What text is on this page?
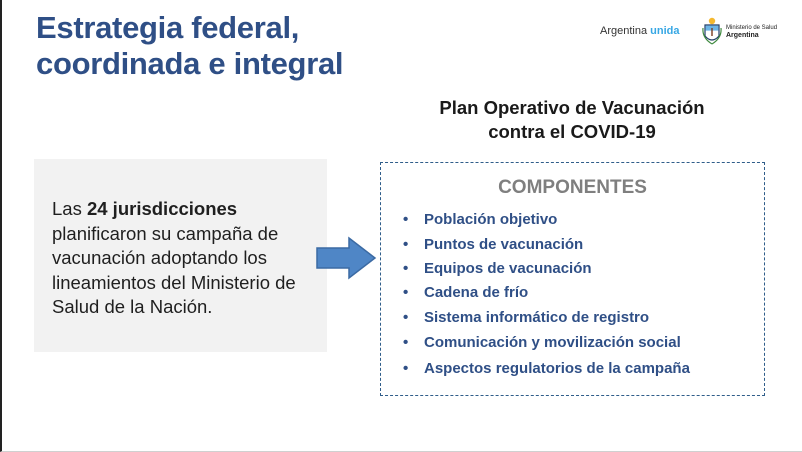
Estrategia federal,
coordinada e integral
Argentina unida	Ministerio de Salud
Argentina
Plan Operativo de Vacunación
contra el COVID-19
Las 24 jurisdicciones planificaron su campaña de vacunación adoptando los lineamientos del Ministerio de Salud de la Nación.
COMPONENTES
• Población objetivo
• Puntos de vacunación
• Equipos de vacunación
• Cadena de frío
• Sistema informático de registro
• Comunicación y movilización social
• Aspectos regulatorios de la campaña
